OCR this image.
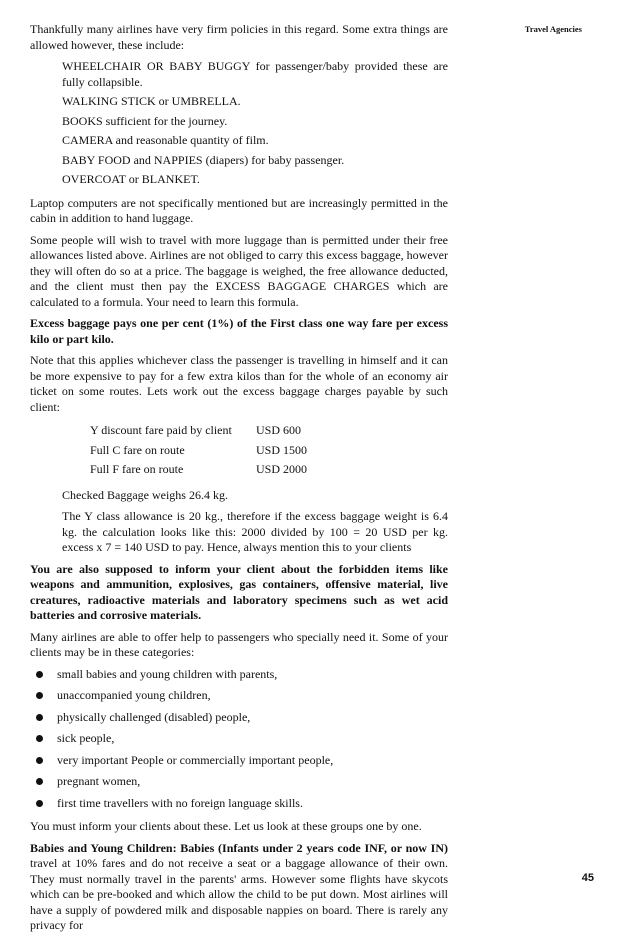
Travel Agencies

Thankfully many airlines have very firm policies in this regard. Some extra things are allowed however, these include:

WHEELCHAIR OR BABY BUGGY for passenger/baby provided these are fully collapsible.
WALKING STICK or UMBRELLA.
BOOKS sufficient for the journey.
CAMERA and reasonable quantity of film.
BABY FOOD and NAPPIES (diapers) for baby passenger.
OVERCOAT or BLANKET.

Laptop computers are not specifically mentioned but are increasingly permitted in the cabin in addition to hand luggage.

Some people will wish to travel with more luggage than is permitted under their free allowances listed above. Airlines are not obliged to carry this excess baggage, however they will often do so at a price. The baggage is weighed, the free allowance deducted, and the client must then pay the EXCESS BAGGAGE CHARGES which are calculated to a formula. Your need to learn this formula.

Excess baggage pays one per cent (1%) of the First class one way fare per excess kilo or part kilo.

Note that this applies whichever class the passenger is travelling in himself and it can be more expensive to pay for a few extra kilos than for the whole of an economy air ticket on some routes. Lets work out the excess baggage charges payable by such client:

Y discount fare paid by client	USD 600
Full C fare on route	USD 1500
Full F fare on route	USD 2000

Checked Baggage weighs 26.4 kg.

The Y class allowance is 20 kg., therefore if the excess baggage weight is 6.4 kg. the calculation looks like this: 2000 divided by 100 = 20 USD per kg. excess x 7 = 140 USD to pay. Hence, always mention this to your clients

You are also supposed to inform your client about the forbidden items like weapons and ammunition, explosives, gas containers, offensive material, live creatures, radioactive materials and laboratory specimens such as wet acid batteries and corrosive materials.

Many airlines are able to offer help to passengers who specially need it. Some of your clients may be in these categories:

small babies and young children with parents,
unaccompanied young children,
physically challenged (disabled) people,
sick people,
very important People or commercially important people,
pregnant women,
first time travellers with no foreign language skills.

You must inform your clients about these. Let us look at these groups one by one.

Babies and Young Children: Babies (Infants under 2 years code INF, or now IN) travel at 10% fares and do not receive a seat or a baggage allowance of their own. They must normally travel in the parents' arms. However some flights have skycots which can be pre-booked and which allow the child to be put down. Most airlines will have a supply of powdered milk and disposable nappies on board. There is rarely any privacy for

45
